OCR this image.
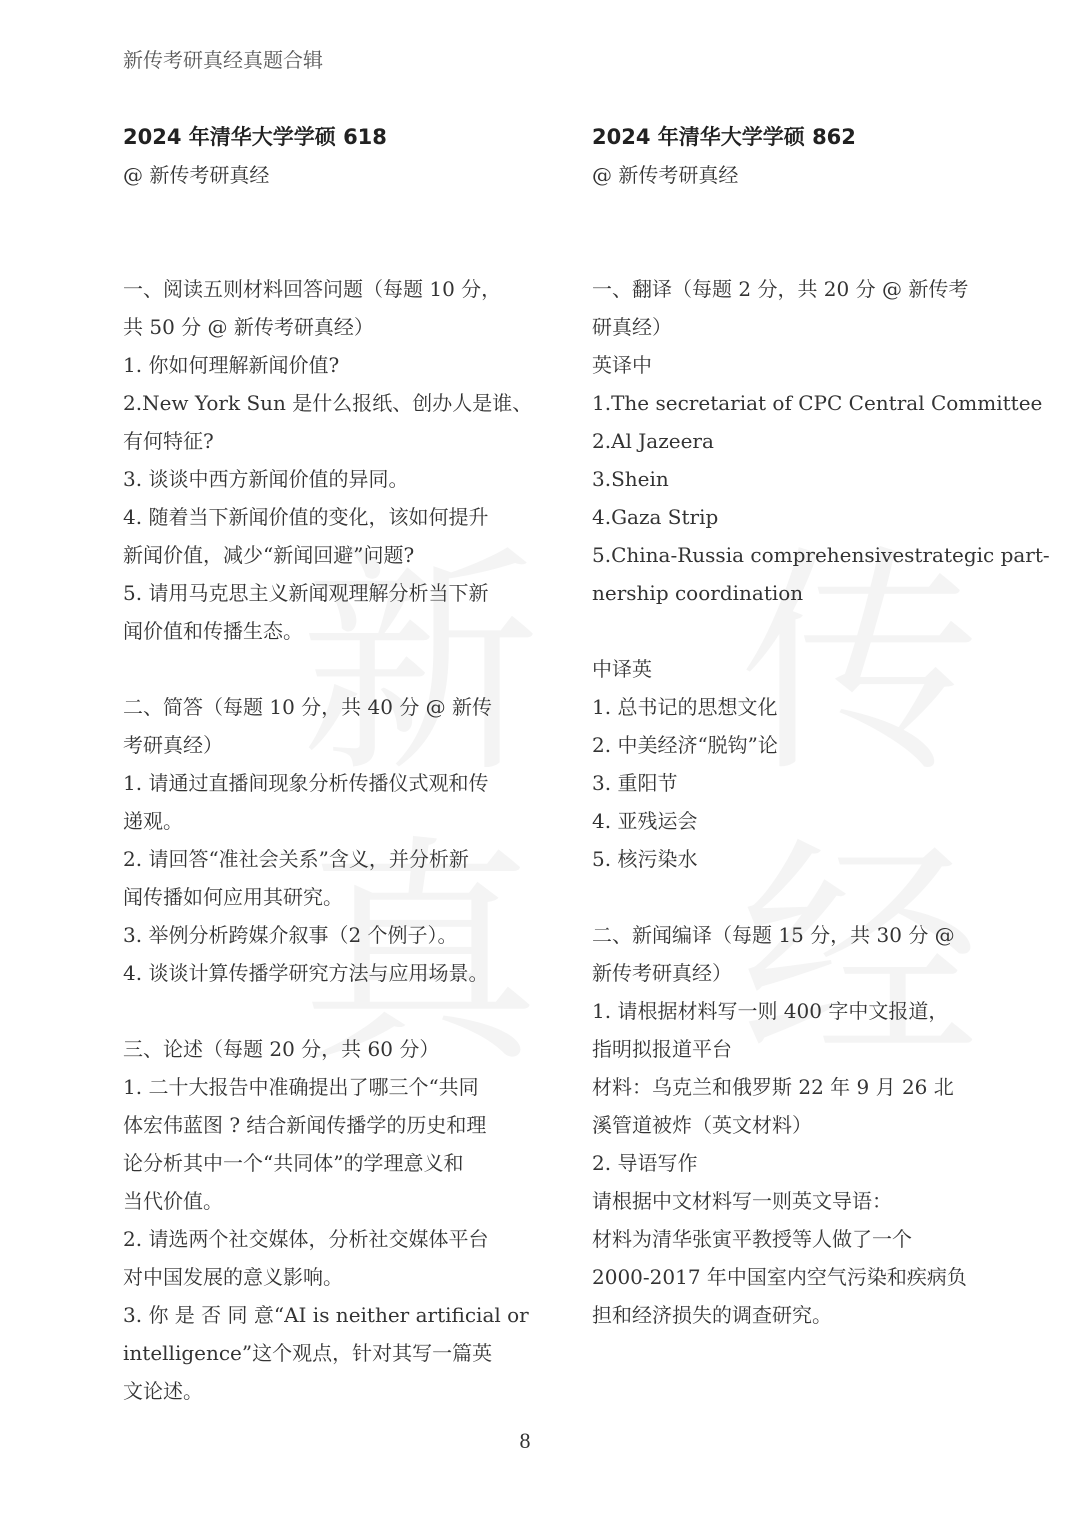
新传考研真经真题合辑
2024 年清华大学学硕 618
@ 新传考研真经
一、阅读五则材料回答问题（每题 10 分，
共 50 分 @ 新传考研真经）
1. 你如何理解新闻价值?
2.New York Sun 是什么报纸、创办人是谁、
有何特征?
3. 谈谈中西方新闻价值的异同。
4. 随着当下新闻价值的变化，该如何提升
新闻价值，减少“新闻回避”问题?
5. 请用马克思主义新闻观理解分析当下新
闻价值和传播生态。
二、简答（每题 10 分，共 40 分 @ 新传
考研真经）
1. 请通过直播间现象分析传播仪式观和传
递观。
2. 请回答“准社会关系”含义，并分析新
闻传播如何应用其研究。
3. 举例分析跨媒介叙事（2 个例子）。
4. 谈谈计算传播学研究方法与应用场景。
三、论述（每题 20 分，共 60 分）
1. 二十大报告中准确提出了哪三个“共同
体宏伟蓝图 ? 结合新闻传播学的历史和理
论分析其中一个“共同体”的学理意义和
当代价值。
2. 请选两个社交媒体，分析社交媒体平台
对中国发展的意义影响。
3. 你 是 否 同 意“AI is neither artificial or
intelligence”这个观点，针对其写一篇英
文论述。
2024 年清华大学学硕 862
@ 新传考研真经
一、翻译（每题 2 分，共 20 分 @ 新传考
研真经）
英译中
1.The secretariat of CPC Central Committee
2.Al Jazeera
3.Shein
4.Gaza Strip
5.China-Russia comprehensivestrategic part-
nership coordination
中译英
1. 总书记的思想文化
2. 中美经济“脱钩”论
3. 重阳节
4. 亚残运会
5. 核污染水
二、新闻编译（每题 15 分，共 30 分 @
新传考研真经）
1. 请根据材料写一则 400 字中文报道，
指明拟报道平台
材料：乌克兰和俄罗斯 22 年 9 月 26 北
溪管道被炸（英文材料）
2. 导语写作
请根据中文材料写一则英文导语：
材料为清华张寅平教授等人做了一个
2000-2017 年中国室内空气污染和疾病负
担和经济损失的调查研究。
8
